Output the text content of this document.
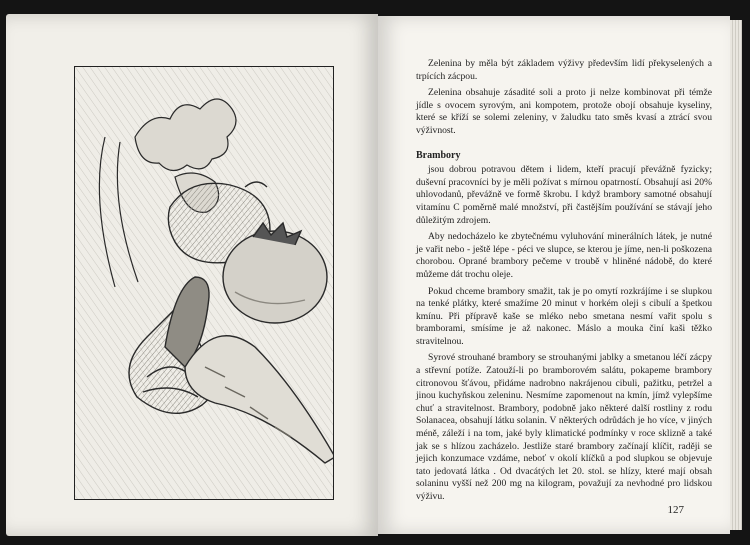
Zelenina by měla být základem výživy především lidí překyselených a trpících zácpou.

Zelenina obsahuje zásadité soli a proto ji nelze kombinovat při témže jídle s ovocem syrovým, ani kompotem, protože obojí obsahuje kyseliny, které se kříží se solemi zeleniny, v žaludku tato směs kvasí a ztrácí svou výživnost.

Brambory

jsou dobrou potravou dětem i lidem, kteří pracují převážně fyzicky; duševní pracovníci by je měli požívat s mírnou opatrností. Obsahují asi 20% uhlovodanů, převážně ve formě škrobu. I když brambory samotné obsahují vitamínu C poměrně malé množství, při častějším používání se stávají jeho důležitým zdrojem.

Aby nedocházelo ke zbytečnému vyluhování minerálních látek, je nutné je vařit nebo - ještě lépe - péci ve slupce, se kterou je jíme, nen-li poškozena chorobou. Oprané brambory pečeme v troubě v hliněné nádobě, do které můžeme dát trochu oleje.

Pokud chceme brambory smažit, tak je po omytí rozkrájíme i se slupkou na tenké plátky, které smažíme 20 minut v horkém oleji s cibulí a špetkou kmínu. Při přípravě kaše se mléko nebo smetana nesmí vařit spolu s bramborami, smísíme je až nakonec. Máslo a mouka činí kaši těžko stravitelnou.

Syrové strouhané brambory se strouhanými jablky a smetanou léčí zácpy a střevní potíže. Zatouží-li po bramborovém salátu, pokapeme brambory citronovou šťávou, přidáme nadrobno nakrájenou cibuli, pažitku, petržel a jinou kuchyňskou zeleninu. Nesmíme zapomenout na kmín, jímž vylepšíme chuť a stravitelnost. Brambory, podobně jako některé další rostliny z rodu Solanacea, obsahují látku solanin. V některých odrůdách je ho více, v jiných méně, záleží i na tom, jaké byly klimatické podmínky v roce sklizně a také jak se s hlízou zacházelo. Jestliže staré brambory začínají klíčit, raději se jejich konzumace vzdáme, neboť v okolí klíčků a pod slupkou se objevuje tato jedovatá látka . Od dvacátých let 20. stol. se hlízy, které mají obsah solaninu vyšší než 200 mg na kilogram, považují za nevhodné pro lidskou výživu.

127
